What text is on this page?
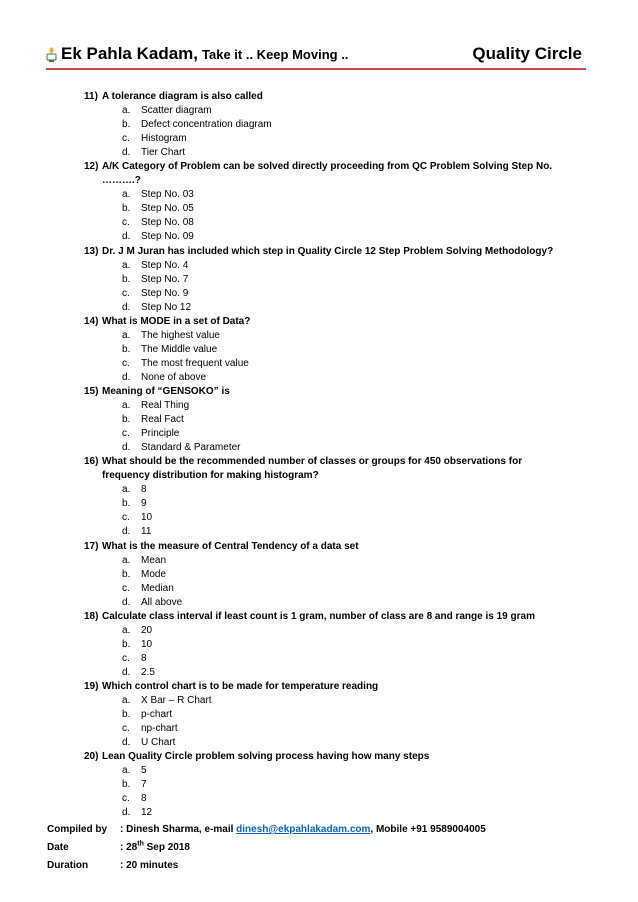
Ek Pahla Kadam, Take it .. Keep Moving ..	Quality Circle
11) A tolerance diagram is also called
a. Scatter diagram
b. Defect concentration diagram
c. Histogram
d. Tier Chart
12) A/K Category of Problem can be solved directly proceeding from QC Problem Solving Step No. ……….?
a. Step No. 03
b. Step No. 05
c. Step No. 08
d. Step No. 09
13) Dr. J M Juran has included which step in Quality Circle 12 Step Problem Solving Methodology?
a. Step No. 4
b. Step No. 7
c. Step No. 9
d. Step No 12
14) What is MODE in a set of Data?
a. The highest value
b. The Middle value
c. The most frequent value
d. None of above
15) Meaning of “GENSOKO” is
a. Real Thing
b. Real Fact
c. Principle
d. Standard & Parameter
16) What should be the recommended number of classes or groups for 450 observations for frequency distribution for making histogram?
a. 8
b. 9
c. 10
d. 11
17) What is the measure of Central Tendency of a data set
a. Mean
b. Mode
c. Median
d. All above
18) Calculate class interval if least count is 1 gram, number of class are 8 and range is 19 gram
a. 20
b. 10
c. 8
d. 2.5
19) Which control chart is to be made for temperature reading
a. X Bar – R Chart
b. p-chart
c. np-chart
d. U Chart
20) Lean Quality Circle problem solving process having how many steps
a. 5
b. 7
c. 8
d. 12
Compiled by : Dinesh Sharma, e-mail dinesh@ekpahlakadam.com, Mobile +91 9589004005
Date	: 28th Sep 2018
Duration	: 20 minutes
